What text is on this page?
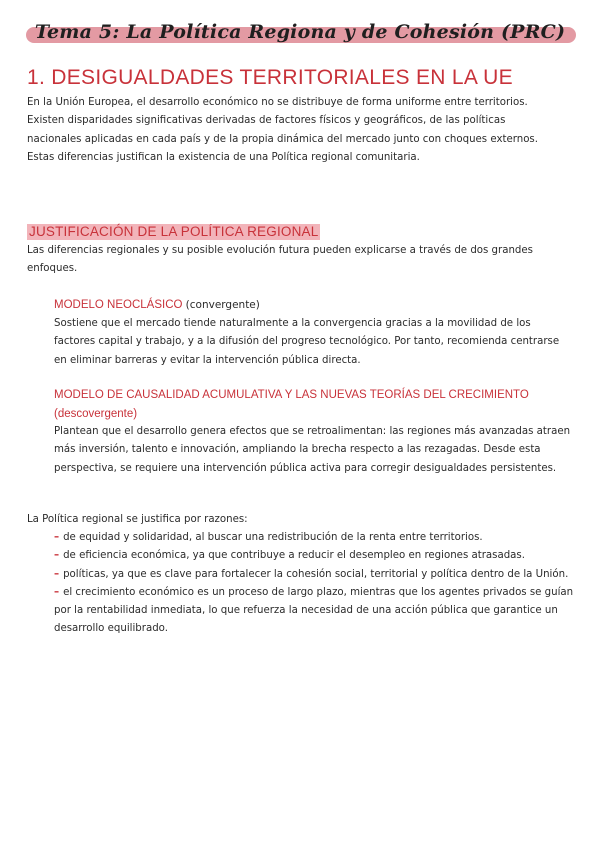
Tema 5: La Política Regiona y de Cohesión (PRC)
1. DESIGUALDADES TERRITORIALES EN LA UE
En la Unión Europea, el desarrollo económico no se distribuye de forma uniforme entre territorios. Existen disparidades significativas derivadas de factores físicos y geográficos, de las políticas nacionales aplicadas en cada país y de la propia dinámica del mercado junto con choques externos. Estas diferencias justifican la existencia de una Política regional comunitaria.
JUSTIFICACIÓN DE LA POLÍTICA REGIONAL
Las diferencias regionales y su posible evolución futura pueden explicarse a través de dos grandes enfoques.
MODELO NEOCLÁSICO (convergente)
Sostiene que el mercado tiende naturalmente a la convergencia gracias a la movilidad de los factores capital y trabajo, y a la difusión del progreso tecnológico. Por tanto, recomienda centrarse en eliminar barreras y evitar la intervención pública directa.
MODELO DE CAUSALIDAD ACUMULATIVA Y LAS NUEVAS TEORÍAS DEL CRECIMIENTO
(descovergente)
Plantean que el desarrollo genera efectos que se retroalimentan: las regiones más avanzadas atraen más inversión, talento e innovación, ampliando la brecha respecto a las rezagadas. Desde esta perspectiva, se requiere una intervención pública activa para corregir desigualdades persistentes.
La Política regional se justifica por razones:
– de equidad y solidaridad, al buscar una redistribución de la renta entre territorios.
– de eficiencia económica, ya que contribuye a reducir el desempleo en regiones atrasadas.
– políticas, ya que es clave para fortalecer la cohesión social, territorial y política dentro de la Unión.
– el crecimiento económico es un proceso de largo plazo, mientras que los agentes privados se guían por la rentabilidad inmediata, lo que refuerza la necesidad de una acción pública que garantice un desarrollo equilibrado.
